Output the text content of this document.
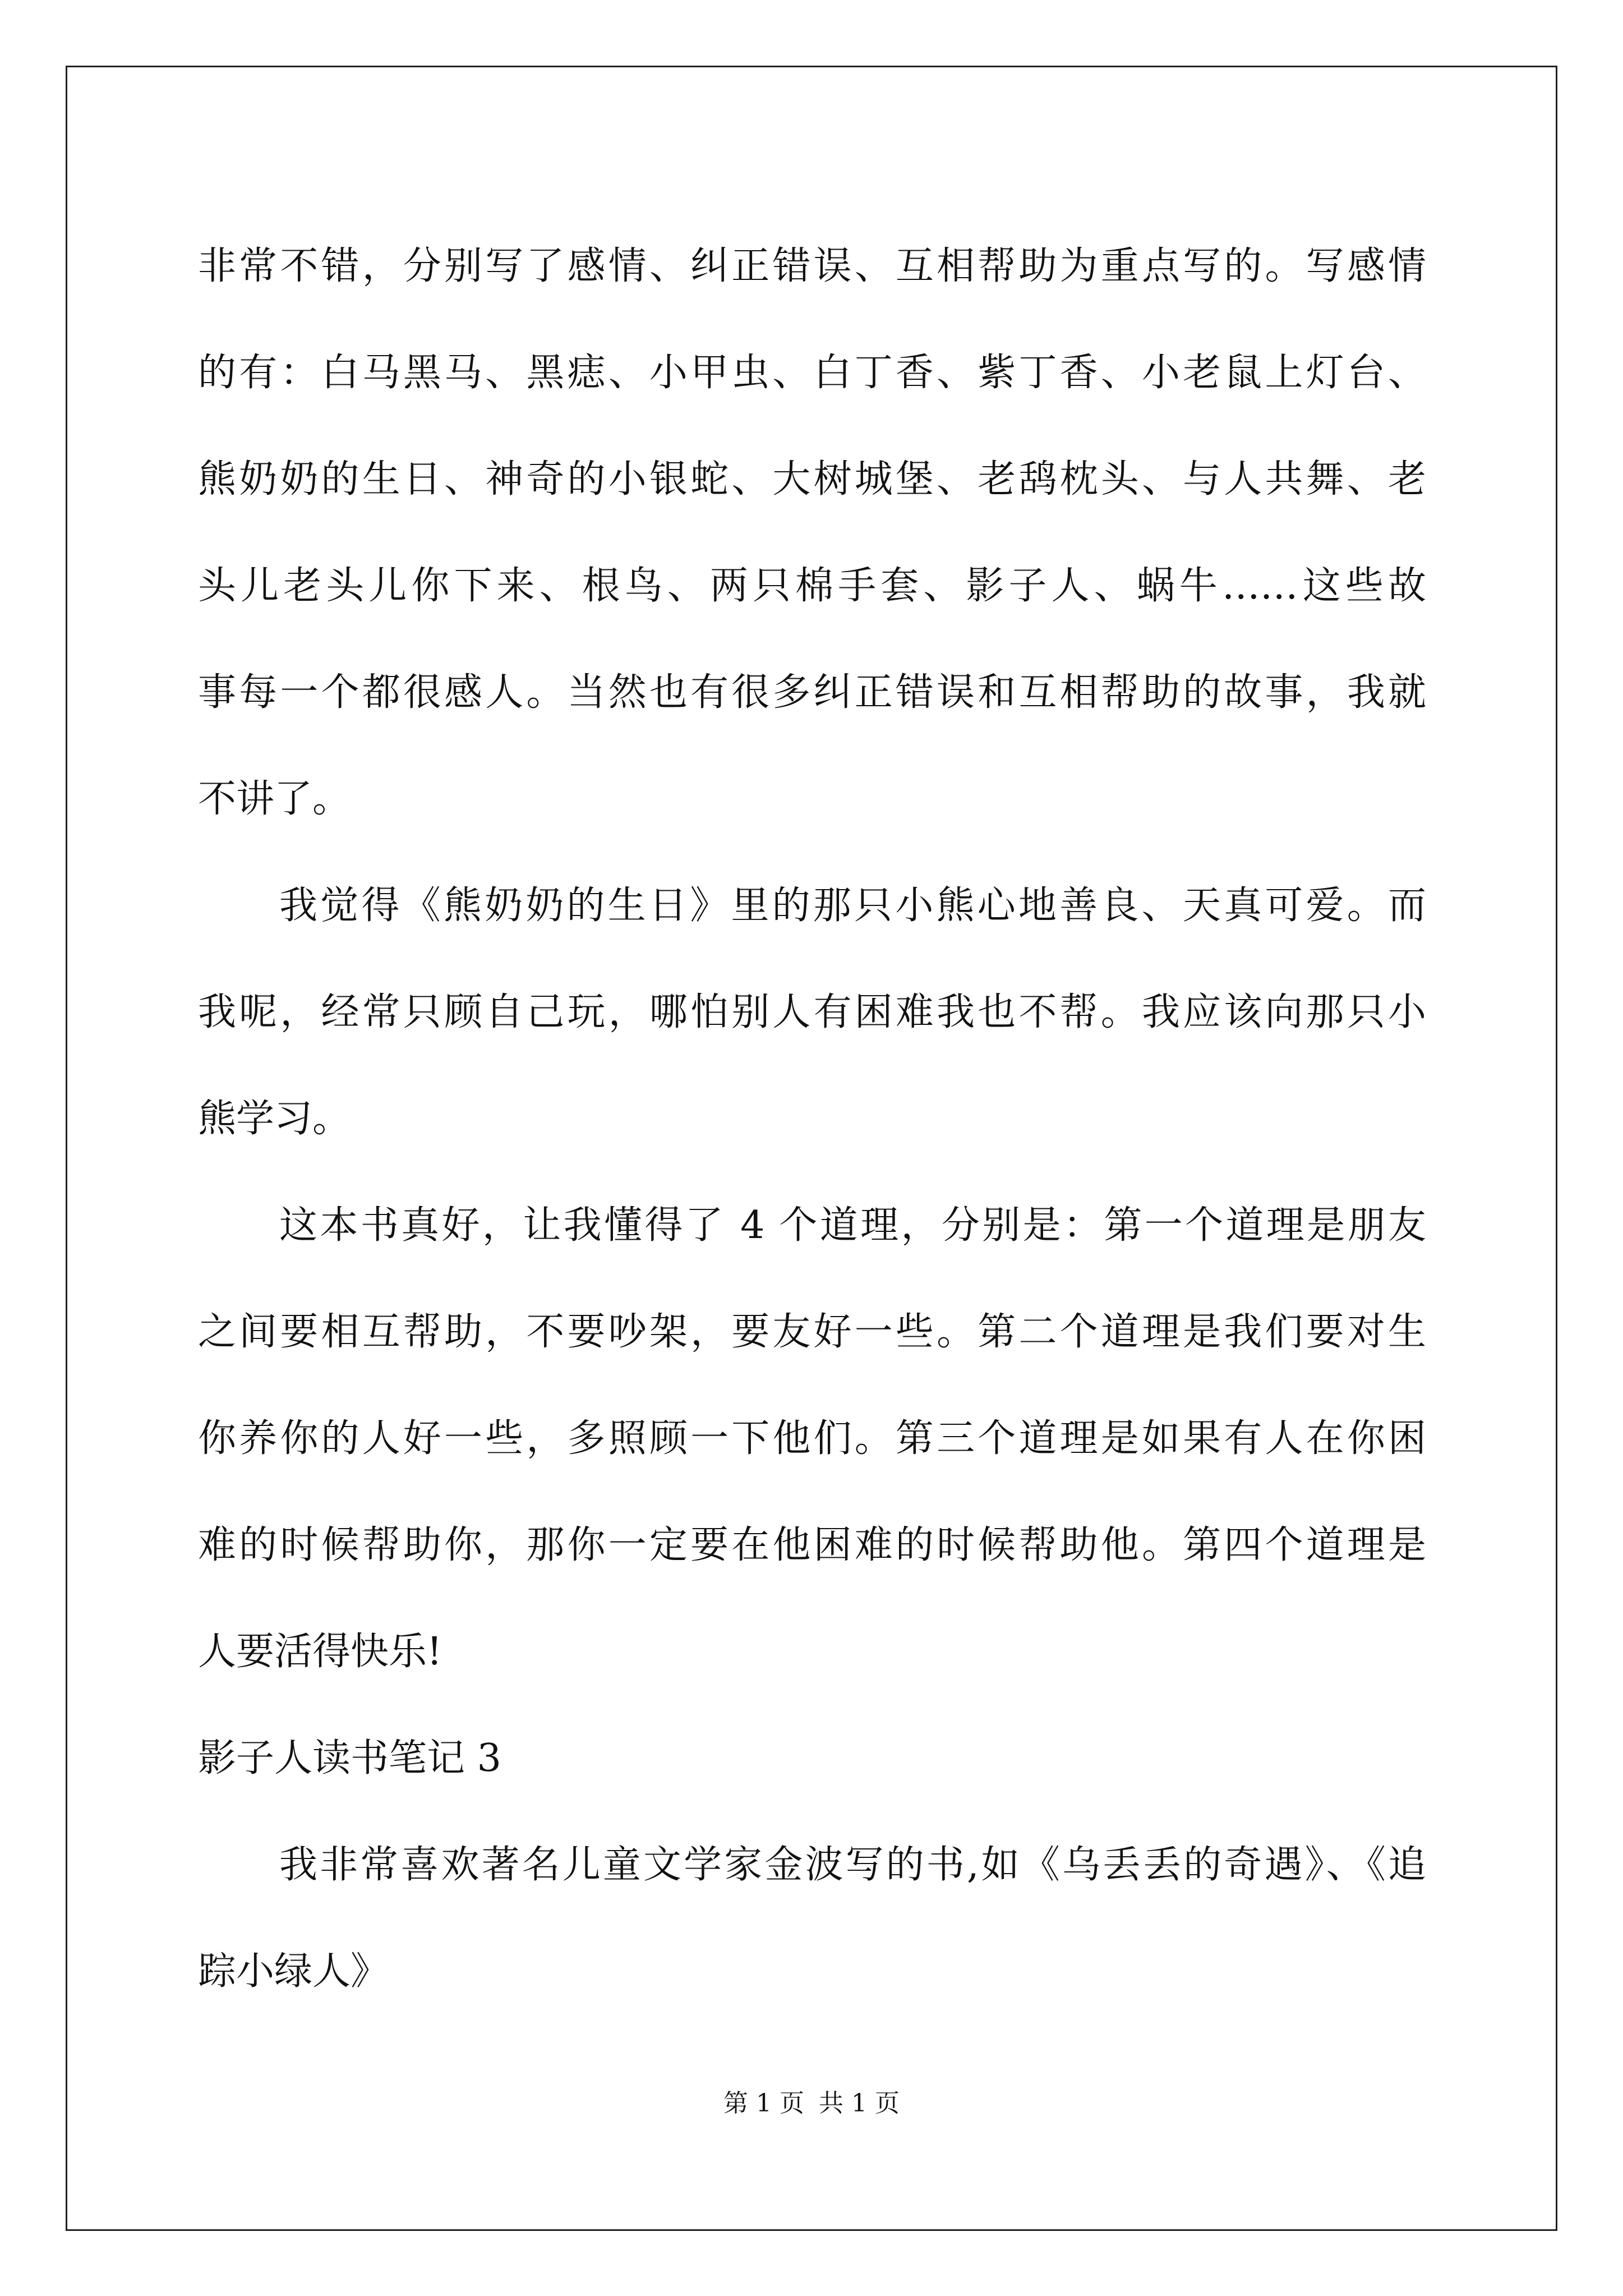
非常不错，分别写了感情、纠正错误、互相帮助为重点写的。写感情
的有：白马黑马、黑痣、小甲虫、白丁香、紫丁香、小老鼠上灯台、
熊奶奶的生日、神奇的小银蛇、大树城堡、老鸹枕头、与人共舞、老
头儿老头儿你下来、根鸟、两只棉手套、影子人、蜗牛……这些故
事每一个都很感人。当然也有很多纠正错误和互相帮助的故事，我就
不讲了。
我觉得《熊奶奶的生日》里的那只小熊心地善良、天真可爱。而
我呢，经常只顾自己玩，哪怕别人有困难我也不帮。我应该向那只小
熊学习。
这本书真好，让我懂得了 4 个道理，分别是：第一个道理是朋友
之间要相互帮助，不要吵架，要友好一些。第二个道理是我们要对生
你养你的人好一些，多照顾一下他们。第三个道理是如果有人在你困
难的时候帮助你，那你一定要在他困难的时候帮助他。第四个道理是
人要活得快乐!
影子人读书笔记 3
我非常喜欢著名儿童文学家金波写的书,如《乌丢丢的奇遇》、《追
踪小绿人》
第 1 页 共 1 页
